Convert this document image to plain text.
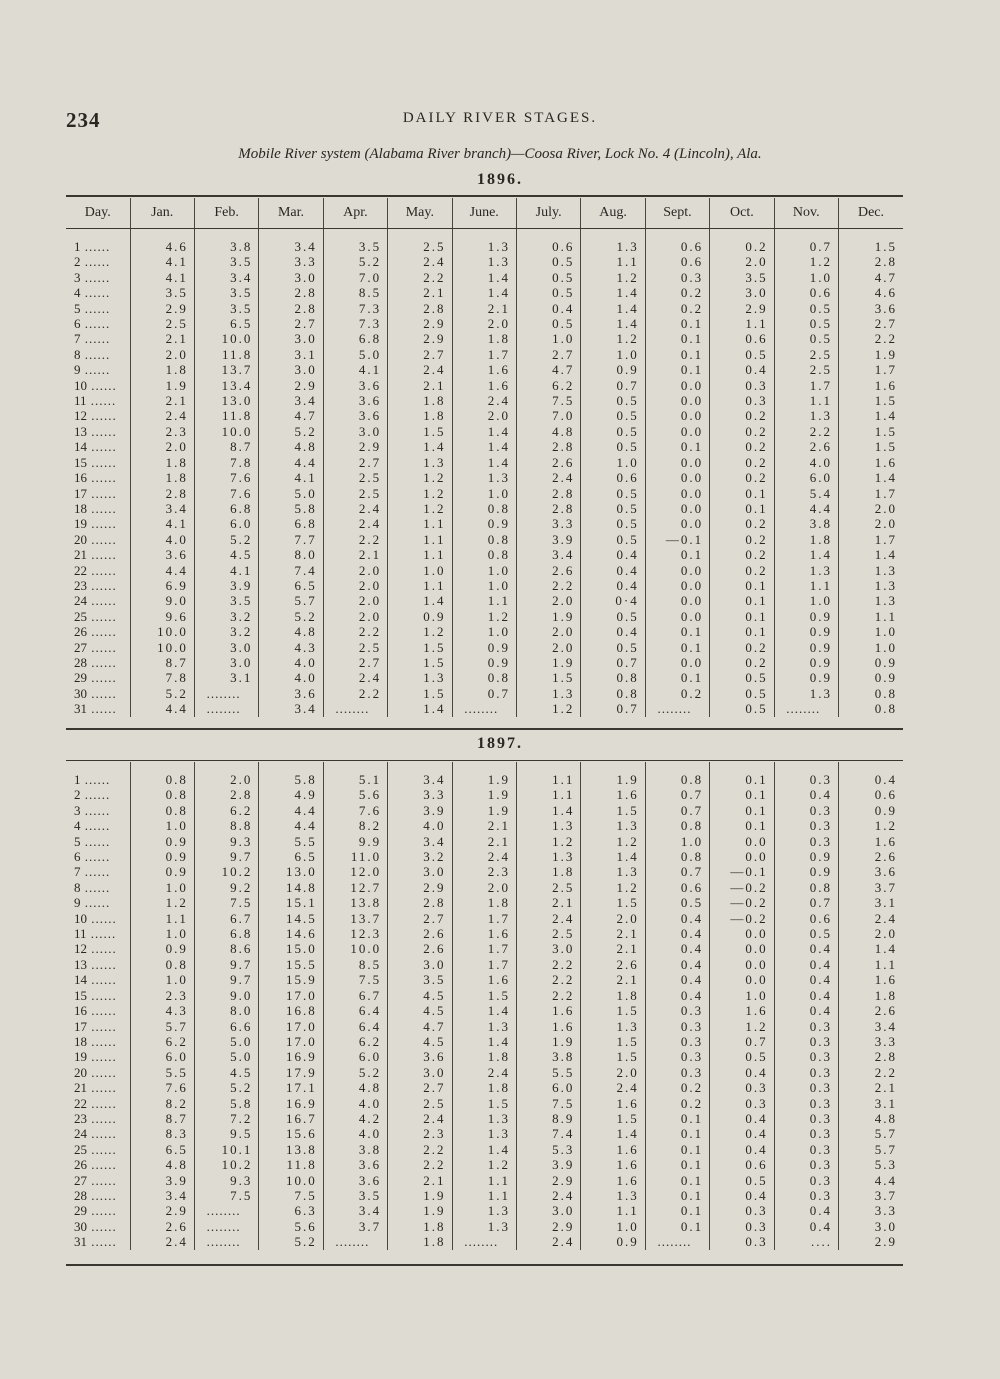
234	DAILY RIVER STAGES.
Mobile River system (Alabama River branch)—Coosa River, Lock No. 4 (Lincoln), Ala.
1896.
Day.	Jan.	Feb.	Mar.	Apr.	May.	June.	July.	Aug.	Sept.	Oct.	Nov.	Dec.
1 ......	4.6	3.8	3.4	3.5	2.5	1.3	0.6	1.3	0.6	0.2	0.7	1.5
2 ......	4.1	3.5	3.3	5.2	2.4	1.3	0.5	1.1	0.6	2.0	1.2	2.8
3 ......	4.1	3.4	3.0	7.0	2.2	1.4	0.5	1.2	0.3	3.5	1.0	4.7
4 ......	3.5	3.5	2.8	8.5	2.1	1.4	0.5	1.4	0.2	3.0	0.6	4.6
5 ......	2.9	3.5	2.8	7.3	2.8	2.1	0.4	1.4	0.2	2.9	0.5	3.6
6 ......	2.5	6.5	2.7	7.3	2.9	2.0	0.5	1.4	0.1	1.1	0.5	2.7
7 ......	2.1	10.0	3.0	6.8	2.9	1.8	1.0	1.2	0.1	0.6	0.5	2.2
8 ......	2.0	11.8	3.1	5.0	2.7	1.7	2.7	1.0	0.1	0.5	2.5	1.9
9 ......	1.8	13.7	3.0	4.1	2.4	1.6	4.7	0.9	0.1	0.4	2.5	1.7
10 ......	1.9	13.4	2.9	3.6	2.1	1.6	6.2	0.7	0.0	0.3	1.7	1.6
11 ......	2.1	13.0	3.4	3.6	1.8	2.4	7.5	0.5	0.0	0.3	1.1	1.5
12 ......	2.4	11.8	4.7	3.6	1.8	2.0	7.0	0.5	0.0	0.2	1.3	1.4
13 ......	2.3	10.0	5.2	3.0	1.5	1.4	4.8	0.5	0.0	0.2	2.2	1.5
14 ......	2.0	8.7	4.8	2.9	1.4	1.4	2.8	0.5	0.1	0.2	2.6	1.5
15 ......	1.8	7.8	4.4	2.7	1.3	1.4	2.6	1.0	0.0	0.2	4.0	1.6
16 ......	1.8	7.6	4.1	2.5	1.2	1.3	2.4	0.6	0.0	0.2	6.0	1.4
17 ......	2.8	7.6	5.0	2.5	1.2	1.0	2.8	0.5	0.0	0.1	5.4	1.7
18 ......	3.4	6.8	5.8	2.4	1.2	0.8	2.8	0.5	0.0	0.1	4.4	2.0
19 ......	4.1	6.0	6.8	2.4	1.1	0.9	3.3	0.5	0.0	0.2	3.8	2.0
20 ......	4.0	5.2	7.7	2.2	1.1	0.8	3.9	0.5	—0.1	0.2	1.8	1.7
21 ......	3.6	4.5	8.0	2.1	1.1	0.8	3.4	0.4	0.1	0.2	1.4	1.4
22 ......	4.4	4.1	7.4	2.0	1.0	1.0	2.6	0.4	0.0	0.2	1.3	1.3
23 ......	6.9	3.9	6.5	2.0	1.1	1.0	2.2	0.4	0.0	0.1	1.1	1.3
24 ......	9.0	3.5	5.7	2.0	1.4	1.1	2.0	0·4	0.0	0.1	1.0	1.3
25 ......	9.6	3.2	5.2	2.0	0.9	1.2	1.9	0.5	0.0	0.1	0.9	1.1
26 ......	10.0	3.2	4.8	2.2	1.2	1.0	2.0	0.4	0.1	0.1	0.9	1.0
27 ......	10.0	3.0	4.3	2.5	1.5	0.9	2.0	0.5	0.1	0.2	0.9	1.0
28 ......	8.7	3.0	4.0	2.7	1.5	0.9	1.9	0.7	0.0	0.2	0.9	0.9
29 ......	7.8	3.1	4.0	2.4	1.3	0.8	1.5	0.8	0.1	0.5	0.9	0.9
30 ......	5.2	........	3.6	2.2	1.5	0.7	1.3	0.8	0.2	0.5	1.3	0.8
31 ......	4.4	........	3.4	........	1.4	........	1.2	0.7	........	0.5	........	0.8
1897.
1 ......	0.8	2.0	5.8	5.1	3.4	1.9	1.1	1.9	0.8	0.1	0.3	0.4
2 ......	0.8	2.8	4.9	5.6	3.3	1.9	1.1	1.6	0.7	0.1	0.4	0.6
3 ......	0.8	6.2	4.4	7.6	3.9	1.9	1.4	1.5	0.7	0.1	0.3	0.9
4 ......	1.0	8.8	4.4	8.2	4.0	2.1	1.3	1.3	0.8	0.1	0.3	1.2
5 ......	0.9	9.3	5.5	9.9	3.4	2.1	1.2	1.2	1.0	0.0	0.3	1.6
6 ......	0.9	9.7	6.5	11.0	3.2	2.4	1.3	1.4	0.8	0.0	0.9	2.6
7 ......	0.9	10.2	13.0	12.0	3.0	2.3	1.8	1.3	0.7	—0.1	0.9	3.6
8 ......	1.0	9.2	14.8	12.7	2.9	2.0	2.5	1.2	0.6	—0.2	0.8	3.7
9 ......	1.2	7.5	15.1	13.8	2.8	1.8	2.1	1.5	0.5	—0.2	0.7	3.1
10 ......	1.1	6.7	14.5	13.7	2.7	1.7	2.4	2.0	0.4	—0.2	0.6	2.4
11 ......	1.0	6.8	14.6	12.3	2.6	1.6	2.5	2.1	0.4	0.0	0.5	2.0
12 ......	0.9	8.6	15.0	10.0	2.6	1.7	3.0	2.1	0.4	0.0	0.4	1.4
13 ......	0.8	9.7	15.5	8.5	3.0	1.7	2.2	2.6	0.4	0.0	0.4	1.1
14 ......	1.0	9.7	15.9	7.5	3.5	1.6	2.2	2.1	0.4	0.0	0.4	1.6
15 ......	2.3	9.0	17.0	6.7	4.5	1.5	2.2	1.8	0.4	1.0	0.4	1.8
16 ......	4.3	8.0	16.8	6.4	4.5	1.4	1.6	1.5	0.3	1.6	0.4	2.6
17 ......	5.7	6.6	17.0	6.4	4.7	1.3	1.6	1.3	0.3	1.2	0.3	3.4
18 ......	6.2	5.0	17.0	6.2	4.5	1.4	1.9	1.5	0.3	0.7	0.3	3.3
19 ......	6.0	5.0	16.9	6.0	3.6	1.8	3.8	1.5	0.3	0.5	0.3	2.8
20 ......	5.5	4.5	17.9	5.2	3.0	2.4	5.5	2.0	0.3	0.4	0.3	2.2
21 ......	7.6	5.2	17.1	4.8	2.7	1.8	6.0	2.4	0.2	0.3	0.3	2.1
22 ......	8.2	5.8	16.9	4.0	2.5	1.5	7.5	1.6	0.2	0.3	0.3	3.1
23 ......	8.7	7.2	16.7	4.2	2.4	1.3	8.9	1.5	0.1	0.4	0.3	4.8
24 ......	8.3	9.5	15.6	4.0	2.3	1.3	7.4	1.4	0.1	0.4	0.3	5.7
25 ......	6.5	10.1	13.8	3.8	2.2	1.4	5.3	1.6	0.1	0.4	0.3	5.7
26 ......	4.8	10.2	11.8	3.6	2.2	1.2	3.9	1.6	0.1	0.6	0.3	5.3
27 ......	3.9	9.3	10.0	3.6	2.1	1.1	2.9	1.6	0.1	0.5	0.3	4.4
28 ......	3.4	7.5	7.5	3.5	1.9	1.1	2.4	1.3	0.1	0.4	0.3	3.7
29 ......	2.9	........	6.3	3.4	1.9	1.3	3.0	1.1	0.1	0.3	0.4	3.3
30 ......	2.6	........	5.6	3.7	1.8	1.3	2.9	1.0	0.1	0.3	0.4	3.0
31 ......	2.4	........	5.2	........	1.8	........	2.4	0.9	........	0.3	....	2.9
